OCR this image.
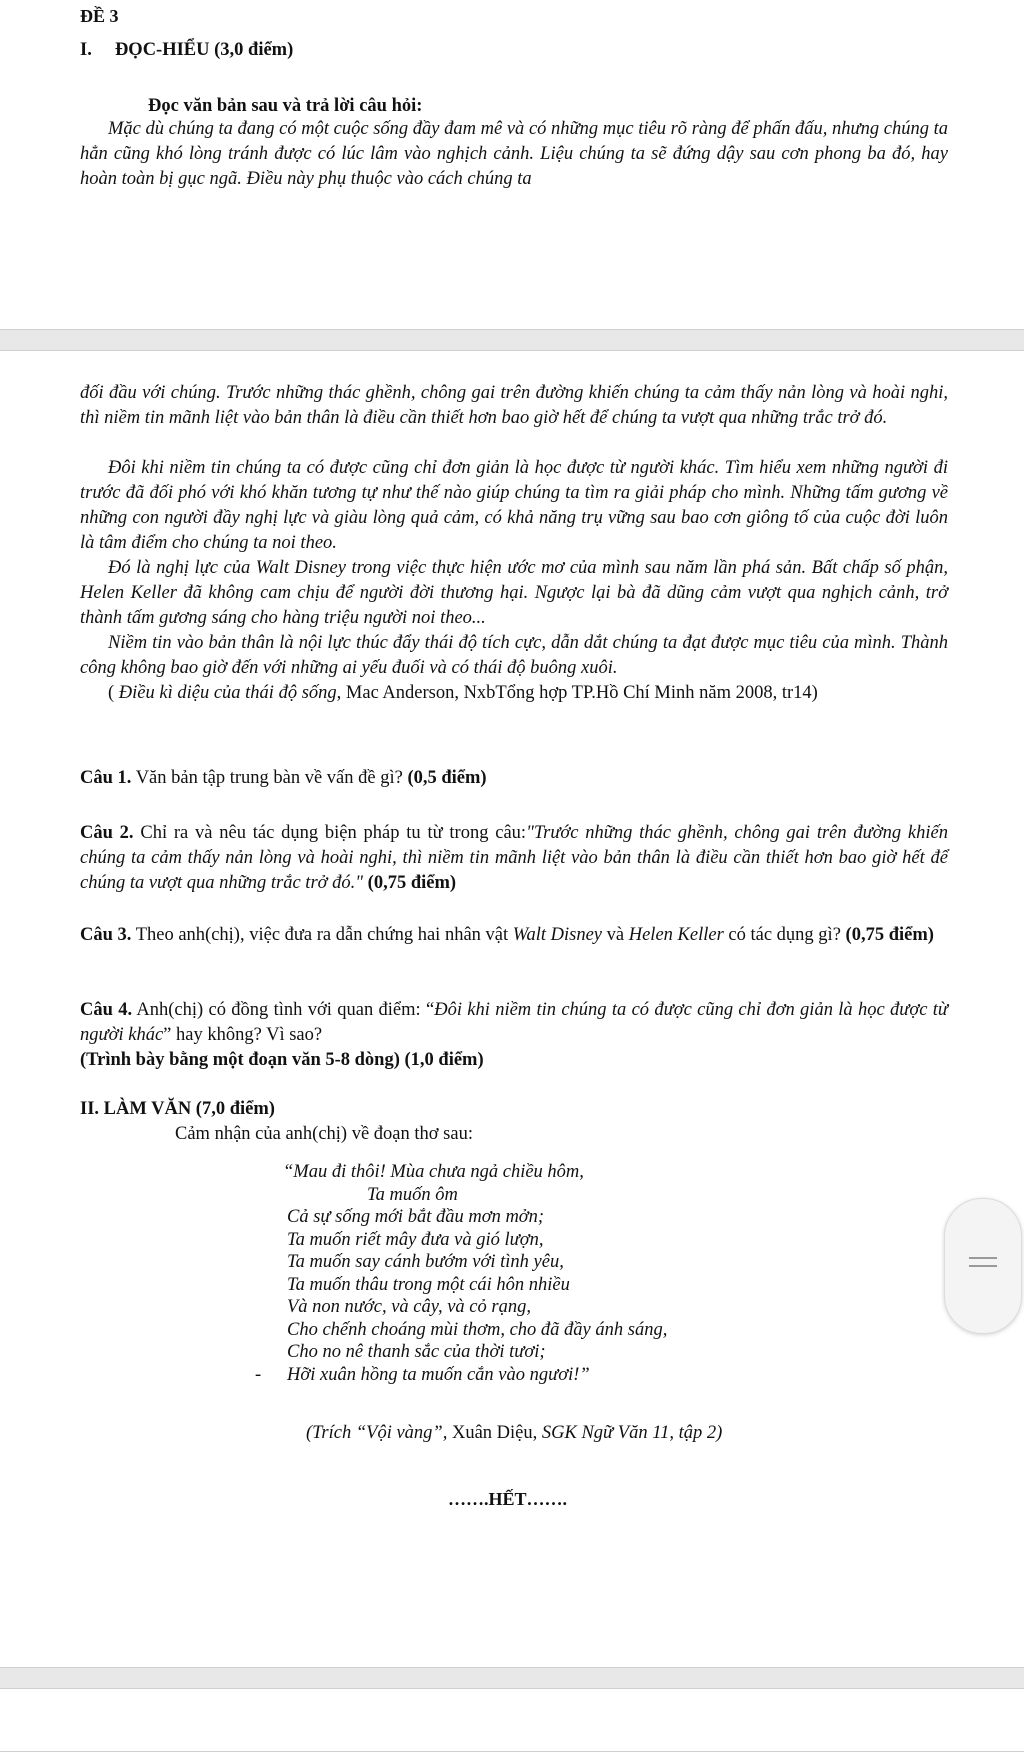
ĐỀ 3
I.     ĐỌC-HIỂU (3,0 điểm)
Đọc văn bản sau và trả lời câu hỏi:

Mặc dù chúng ta đang có một cuộc sống đầy đam mê và có những mục tiêu rõ ràng để phấn đấu, nhưng chúng ta hẳn cũng khó lòng tránh được có lúc lâm vào nghịch cảnh. Liệu chúng ta sẽ đứng dậy sau cơn phong ba đó, hay hoàn toàn bị gục ngã. Điều này phụ thuộc vào cách chúng ta

đối đầu với chúng. Trước những thác ghềnh, chông gai trên đường khiến chúng ta cảm thấy nản lòng và hoài nghi, thì niềm tin mãnh liệt vào bản thân là điều cần thiết hơn bao giờ hết để chúng ta vượt qua những trắc trở đó.

Đôi khi niềm tin chúng ta có được cũng chỉ đơn giản là học được từ người khác. Tìm hiểu xem những người đi trước đã đối phó với khó khăn tương tự như thế nào giúp chúng ta tìm ra giải pháp cho mình. Những tấm gương về những con người đầy nghị lực và giàu lòng quả cảm, có khả năng trụ vững sau bao cơn giông tố của cuộc đời luôn là tâm điểm cho chúng ta noi theo.

Đó là nghị lực của Walt Disney trong việc thực hiện ước mơ của mình sau năm lần phá sản. Bất chấp số phận, Helen Keller đã không cam chịu để người đời thương hại. Ngược lại bà đã dũng cảm vượt qua nghịch cảnh, trở thành tấm gương sáng cho hàng triệu người noi theo...

Niềm tin vào bản thân là nội lực thúc đẩy thái độ tích cực, dẫn dắt chúng ta đạt được mục tiêu của mình. Thành công không bao giờ đến với những ai yếu đuối và có thái độ buông xuôi.

( Điều kì diệu của thái độ sống, Mac Anderson, NxbTổng hợp TP.Hồ Chí Minh năm 2008, tr14)

Câu 1. Văn bản tập trung bàn về vấn đề gì? (0,5 điểm)

Câu 2. Chỉ ra và nêu tác dụng biện pháp tu từ trong câu:"Trước những thác ghềnh, chông gai trên đường khiến chúng ta cảm thấy nản lòng và hoài nghi, thì niềm tin mãnh liệt vào bản thân là điều cần thiết hơn bao giờ hết để chúng ta vượt qua những trắc trở đó." (0,75 điểm)

Câu 3. Theo anh(chị), việc đưa ra dẫn chứng hai nhân vật Walt Disney và Helen Keller có tác dụng gì? (0,75 điểm)

Câu 4. Anh(chị) có đồng tình với quan điểm: “Đôi khi niềm tin chúng ta có được cũng chỉ đơn giản là học được từ người khác” hay không? Vì sao?
(Trình bày bằng một đoạn văn 5-8 dòng) (1,0 điểm)

II. LÀM VĂN (7,0 điểm)
Cảm nhận của anh(chị) về đoạn thơ sau:
“Mau đi thôi! Mùa chưa ngả chiều hôm,
Ta muốn ôm
Cả sự sống mới bắt đầu mơn mởn;
Ta muốn riết mây đưa và gió lượn,
Ta muốn say cánh bướm với tình yêu,
Ta muốn thâu trong một cái hôn nhiều
Và non nước, và cây, và cỏ rạng,
Cho chếnh choáng mùi thơm, cho đã đầy ánh sáng,
Cho no nê thanh sắc của thời tươi;
- Hỡi xuân hồng ta muốn cắn vào ngươi!”
(Trích “Vội vàng”, Xuân Diệu, SGK Ngữ Văn 11, tập 2)
…….HẾT…….
